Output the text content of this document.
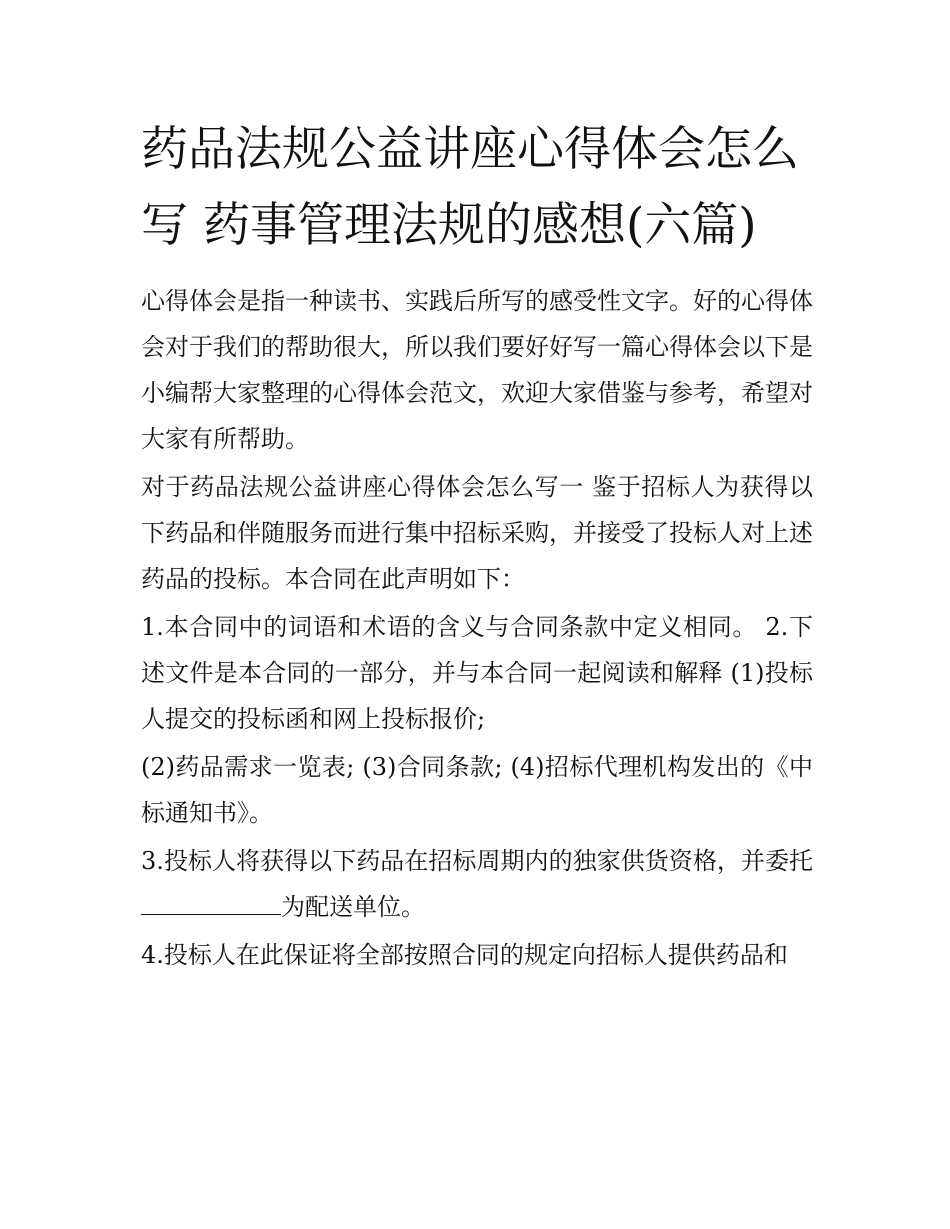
药品法规公益讲座心得体会怎么写 药事管理法规的感想(六篇)

心得体会是指一种读书、实践后所写的感受性文字。好的心得体会对于我们的帮助很大，所以我们要好好写一篇心得体会以下是小编帮大家整理的心得体会范文，欢迎大家借鉴与参考，希望对大家有所帮助。

对于药品法规公益讲座心得体会怎么写一 鉴于招标人为获得以下药品和伴随服务而进行集中招标采购，并接受了投标人对上述药品的投标。本合同在此声明如下：

1.本合同中的词语和术语的含义与合同条款中定义相同。 2.下述文件是本合同的一部分，并与本合同一起阅读和解释 (1)投标人提交的投标函和网上投标报价;

(2)药品需求一览表; (3)合同条款; (4)招标代理机构发出的《中标通知书》。

3.投标人将获得以下药品在招标周期内的独家供货资格，并委托为配送单位。

4.投标人在此保证将全部按照合同的规定向招标人提供药品和
